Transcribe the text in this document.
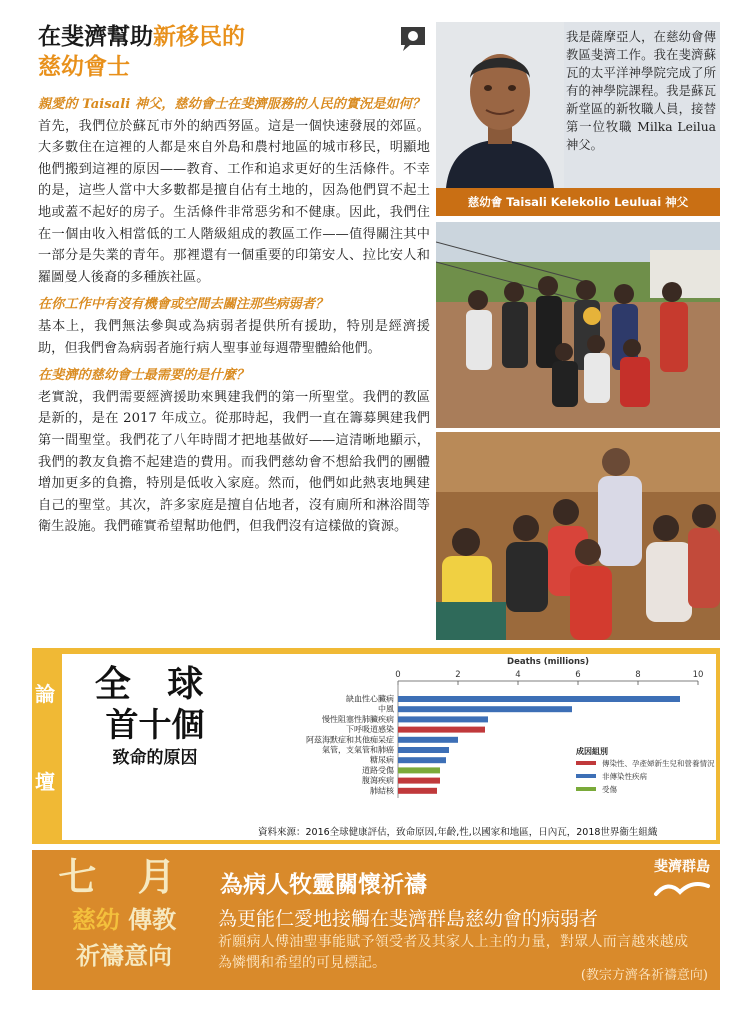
在斐濟幫助新移民的
慈幼會士
親愛的 Taisali 神父，慈幼會士在斐濟服務的人民的實況是如何？

首先，我們位於蘇瓦市外的納西努區。這是一個快速發展的郊區。大多數住在這裡的人都是來自外島和農村地區的城市移民，明顯地他們搬到這裡的原因——教育、工作和追求更好的生活條件。不幸的是，這些人當中大多數都是擅自佔有土地的，因為他們買不起土地或蓋不起好的房子。生活條件非常惡劣和不健康。因此，我們住在一個由收入相當低的工人階級組成的教區工作——值得關注其中一部分是失業的青年。那裡還有一個重要的印第安人、拉比安人和羅圖曼人後裔的多種族社區。

在你工作中有沒有機會或空間去關注那些病弱者？

基本上，我們無法參與或為病弱者提供所有援助，特別是經濟援助，但我們會為病弱者施行病人聖事並每週帶聖體給他們。

在斐濟的慈幼會士最需要的是什麼？

老實說，我們需要經濟援助來興建我們的第一所聖堂。我們的教區是新的，是在 2017 年成立。從那時起，我們一直在籌募興建我們第一間聖堂。我們花了八年時間才把地基做好——這清晰地顯示，我們的教友負擔不起建造的費用。而我們慈幼會不想給我們的團體增加更多的負擔，特別是低收入家庭。然而，他們如此熱衷地興建自己的聖堂。其次，許多家庭是擅自佔地者，沒有廁所和淋浴間等衛生設施。我們確實希望幫助他們，但我們沒有這樣做的資源。

我是薩摩亞人，在慈幼會傳教區斐濟工作。我在斐濟蘇瓦的太平洋神學院完成了所有的神學院課程。我是蘇瓦新堂區的新牧職人員，接替第一位牧職 Milka Leilua 神父。
慈幼會 Taisali Kelekolio Leuluai 神父
論
壇
全 球
首十個
致命的原因
Deaths (millions)
0	2	4	6	8	10
缺血性心臟病
中風
慢性阻塞性肺臟疾病
下呼吸道感染
阿茲海默症和其他痴呆症
氣管，支氣管和肺癌
糖尿病
道路受傷
腹瀉疾病
肺結核
成因組別
傳染性、孕產婦新生兒和營養情況
非傳染性疾病
受傷
資料來源：2016全球健康評估，致命原因,年齡,性,以國家和地區，日內瓦，2018世界衞生組織
七 月
慈幼 傳教
祈禱意向
為病人牧靈關懷祈禱
為更能仁愛地接觸在斐濟群島慈幼會的病弱者
祈願病人傅油聖事能賦予領受者及其家人上主的力量，對眾人而言越來越成為憐憫和希望的可見標記。
(教宗方濟各祈禱意向)
斐濟群島
